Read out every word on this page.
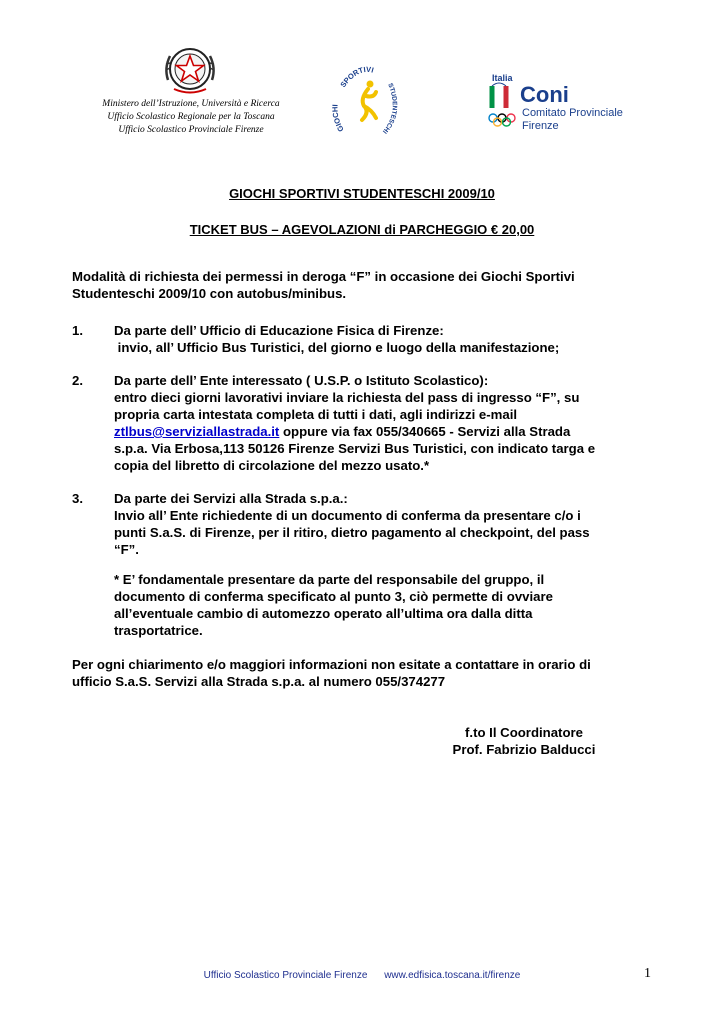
Ministero dell’Istruzione, Università e Ricerca
Ufficio Scolastico Regionale per la Toscana
Ufficio Scolastico Provinciale Firenze
SPORTIVI
GIOCHI
STUDENTESCHI
Italia
Coni
Comitato Provinciale
Firenze
GIOCHI SPORTIVI STUDENTESCHI 2009/10
TICKET BUS – AGEVOLAZIONI di PARCHEGGIO € 20,00
Modalità di richiesta dei permessi in deroga “F” in occasione dei Giochi Sportivi
Studenteschi 2009/10 con autobus/minibus.
1. Da parte dell’ Ufficio di Educazione Fisica di Firenze:
invio, all’ Ufficio Bus Turistici, del giorno e luogo della manifestazione;
2. Da parte dell’ Ente interessato ( U.S.P. o Istituto Scolastico):
entro dieci giorni lavorativi inviare la richiesta del pass di ingresso “F”, su
propria carta intestata completa di tutti i dati, agli indirizzi e-mail
ztlbus@serviziallastrada.it oppure via fax 055/340665 - Servizi alla Strada
s.p.a. Via Erbosa,113 50126 Firenze Servizi Bus Turistici, con indicato targa e
copia del libretto di circolazione del mezzo usato.*
3. Da parte dei Servizi alla Strada s.p.a.:
Invio all’ Ente richiedente di un documento di conferma da presentare c/o i
punti S.a.S. di Firenze, per il ritiro, dietro pagamento al checkpoint, del pass
“F”.
* E’ fondamentale presentare da parte del responsabile del gruppo, il
documento di conferma specificato al punto 3, ciò permette di ovviare
all’eventuale cambio di automezzo operato all’ultima ora dalla ditta
trasportatrice.
Per ogni chiarimento e/o maggiori informazioni non esitate a contattare in orario di
ufficio S.a.S. Servizi alla Strada s.p.a. al numero 055/374277
f.to Il Coordinatore
Prof. Fabrizio Balducci
Ufficio Scolastico Provinciale Firenze www.edfisica.toscana.it/firenze	1
